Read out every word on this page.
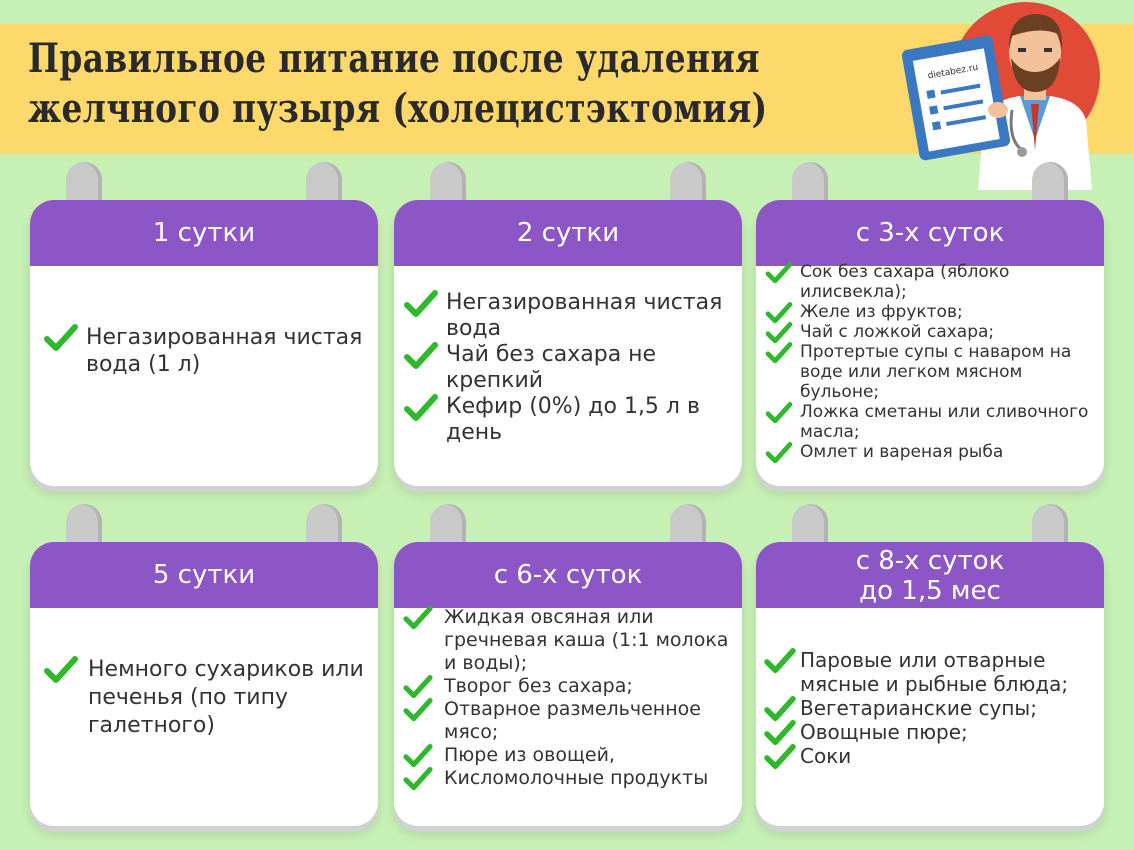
Правильное питание после удаления
желчного пузыря (холецистэктомия)
dietabez.ru
1 сутки
Негазированная чистая вода (1 л)
2 сутки
Негазированная чистая вода
Чай без сахара не крепкий
Кефир (0%) до 1,5 л в день
с 3-х суток
Сок без сахара (яблоко илисвекла);
Желе из фруктов;
Чай с ложкой сахара;
Протертые супы с наваром на воде или легком мясном бульоне;
Ложка сметаны или сливочного масла;
Омлет и вареная рыба
5 сутки
Немного сухариков или печенья (по типу галетного)
с 6-х суток
Жидкая овсяная или гречневая каша (1:1 молока и воды);
Творог без сахара;
Отварное размельченное мясо;
Пюре из овощей,
Кисломолочные продукты
с 8-х суток
до 1,5 мес
Паровые или отварные мясные и рыбные блюда;
Вегетарианские супы;
Овощные пюре;
Соки
